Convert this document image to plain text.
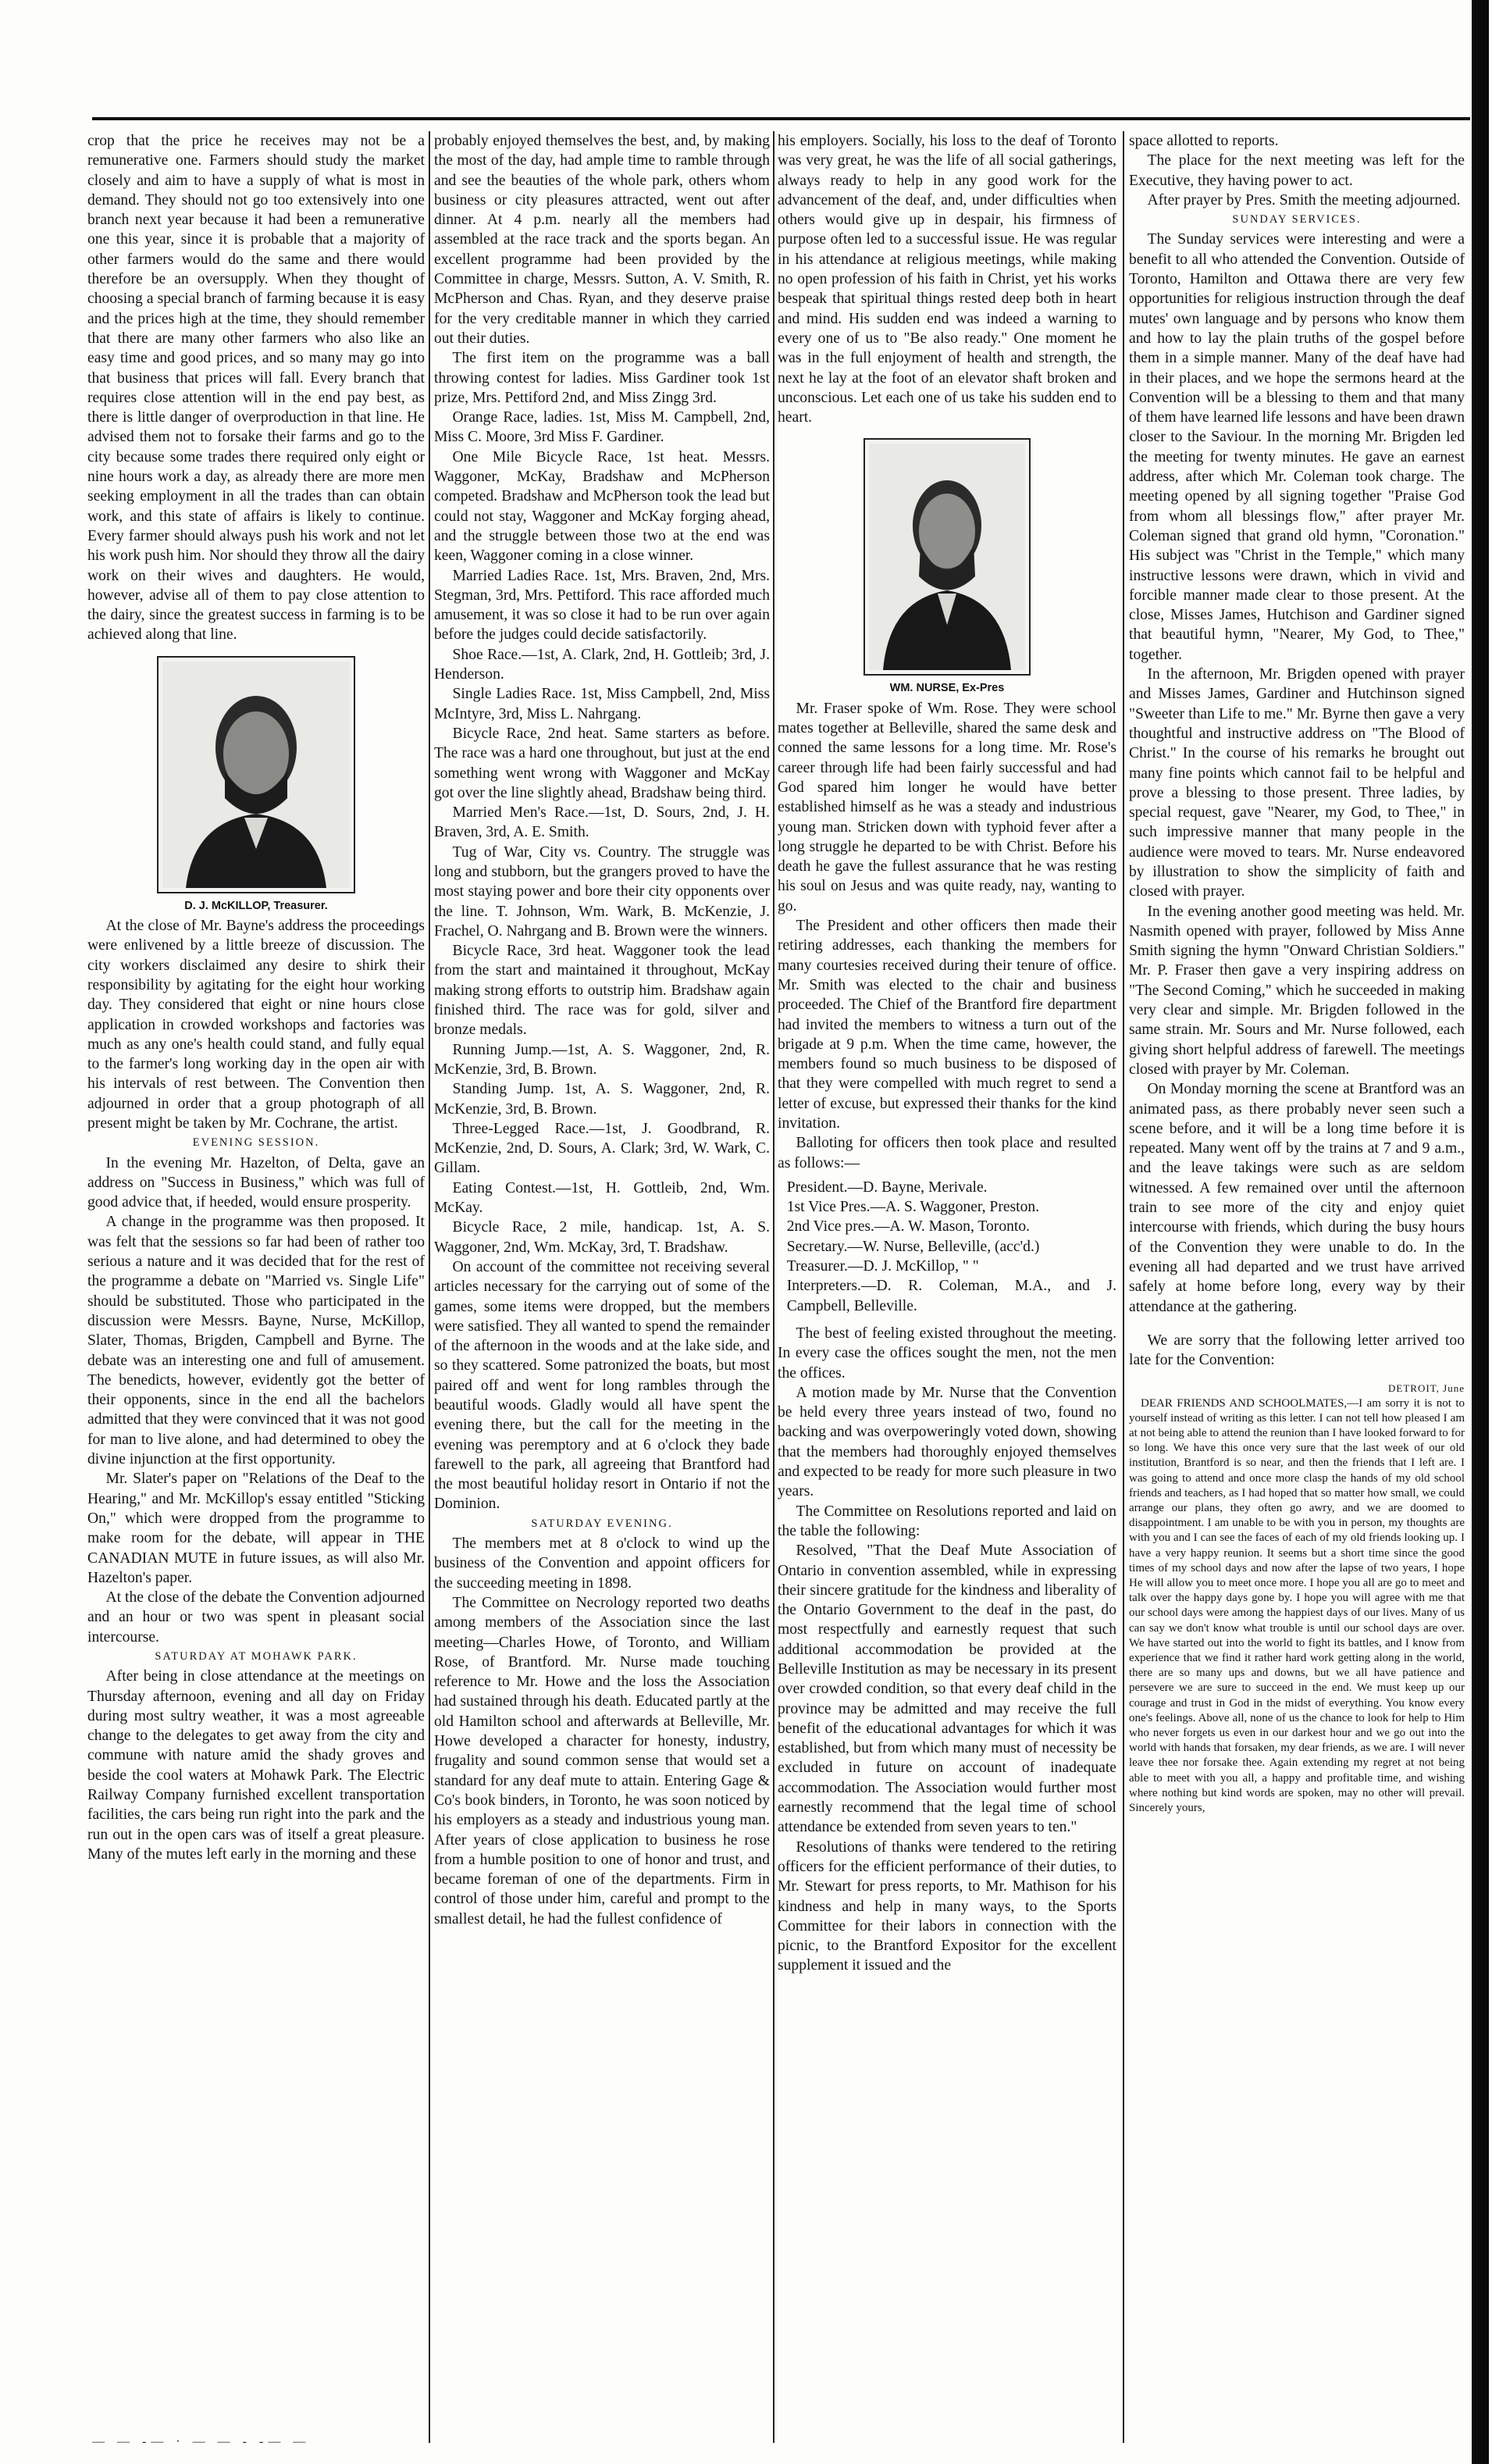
crop that the price he receives may not be a remunerative one. Farmers should study the market closely and aim to have a supply of what is most in demand. They should not go too extensively into one branch next year because it had been a remunerative one this year, since it is probable that a majority of other farmers would do the same and there would therefore be an oversupply. When they thought of choosing a special branch of farming because it is easy and the prices high at the time, they should remember that there are many other farmers who also like an easy time and good prices, and so many may go into that business that prices will fall. Every branch that requires close attention will in the end pay best, as there is little danger of overproduction in that line. He advised them not to forsake their farms and go to the city because some trades there required only eight or nine hours work a day, as already there are more men seeking employment in all the trades than can obtain work, and this state of affairs is likely to continue. Every farmer should always push his work and not let his work push him. Nor should they throw all the dairy work on their wives and daughters. He would, however, advise all of them to pay close attention to the dairy, since the greatest success in farming is to be achieved along that line.

D. J. McKILLOP, Treasurer.

At the close of Mr. Bayne's address the proceedings were enlivened by a little breeze of discussion. The city workers disclaimed any desire to shirk their responsibility by agitating for the eight hour working day. They considered that eight or nine hours close application in crowded workshops and factories was much as any one's health could stand, and fully equal to the farmer's long working day in the open air with his intervals of rest between. The Convention then adjourned in order that a group photograph of all present might be taken by Mr. Cochrane, the artist.

EVENING SESSION.

In the evening Mr. Hazelton, of Delta, gave an address on "Success in Business," which was full of good advice that, if heeded, would ensure prosperity.

A change in the programme was then proposed. It was felt that the sessions so far had been of rather too serious a nature and it was decided that for the rest of the programme a debate on "Married vs. Single Life" should be substituted. Those who participated in the discussion were Messrs. Bayne, Nurse, McKillop, Slater, Thomas, Brigden, Campbell and Byrne. The debate was an interesting one and full of amusement. The benedicts, however, evidently got the better of their opponents, since in the end all the bachelors admitted that they were convinced that it was not good for man to live alone, and had determined to obey the divine injunction at the first opportunity.

Mr. Slater's paper on "Relations of the Deaf to the Hearing," and Mr. McKillop's essay entitled "Sticking On," which were dropped from the programme to make room for the debate, will appear in THE CANADIAN MUTE in future issues, as will also Mr. Hazelton's paper.

At the close of the debate the Convention adjourned and an hour or two was spent in pleasant social intercourse.

SATURDAY AT MOHAWK PARK.

After being in close attendance at the meetings on Thursday afternoon, evening and all day on Friday during most sultry weather, it was a most agreeable change to the delegates to get away from the city and commune with nature amid the shady groves and beside the cool waters at Mohawk Park. The Electric Railway Company furnished excellent transportation facilities, the cars being run right into the park and the run out in the open cars was of itself a great pleasure. Many of the mutes left early in the morning and these

probably enjoyed themselves the best, and, by making the most of the day, had ample time to ramble through and see the beauties of the whole park, others whom business or city pleasures attracted, went out after dinner. At 4 p.m. nearly all the members had assembled at the race track and the sports began. An excellent programme had been provided by the Committee in charge, Messrs. Sutton, A. V. Smith, R. McPherson and Chas. Ryan, and they deserve praise for the very creditable manner in which they carried out their duties.

The first item on the programme was a ball throwing contest for ladies. Miss Gardiner took 1st prize, Mrs. Pettiford 2nd, and Miss Zingg 3rd.

Orange Race, ladies. 1st, Miss M. Campbell, 2nd, Miss C. Moore, 3rd Miss F. Gardiner.

One Mile Bicycle Race, 1st heat. Messrs. Waggoner, McKay, Bradshaw and McPherson competed. Bradshaw and McPherson took the lead but could not stay, Waggoner and McKay forging ahead, and the struggle between those two at the end was keen, Waggoner coming in a close winner.

Married Ladies Race. 1st, Mrs. Braven, 2nd, Mrs. Stegman, 3rd, Mrs. Pettiford. This race afforded much amusement, it was so close it had to be run over again before the judges could decide satisfactorily.

Shoe Race.—1st, A. Clark, 2nd, H. Gottleib; 3rd, J. Henderson.

Single Ladies Race. 1st, Miss Campbell, 2nd, Miss McIntyre, 3rd, Miss L. Nahrgang.

Bicycle Race, 2nd heat. Same starters as before. The race was a hard one throughout, but just at the end something went wrong with Waggoner and McKay got over the line slightly ahead, Bradshaw being third.

Married Men's Race.—1st, D. Sours, 2nd, J. H. Braven, 3rd, A. E. Smith.

Tug of War, City vs. Country. The struggle was long and stubborn, but the grangers proved to have the most staying power and bore their city opponents over the line. T. Johnson, Wm. Wark, B. McKenzie, J. Frachel, O. Nahrgang and B. Brown were the winners.

Bicycle Race, 3rd heat. Waggoner took the lead from the start and maintained it throughout, McKay making strong efforts to outstrip him. Bradshaw again finished third. The race was for gold, silver and bronze medals.

Running Jump.—1st, A. S. Waggoner, 2nd, R. McKenzie, 3rd, B. Brown.

Standing Jump. 1st, A. S. Waggoner, 2nd, R. McKenzie, 3rd, B. Brown.

Three-Legged Race.—1st, J. Goodbrand, R. McKenzie, 2nd, D. Sours, A. Clark; 3rd, W. Wark, C. Gillam.

Eating Contest.—1st, H. Gottleib, 2nd, Wm. McKay.

Bicycle Race, 2 mile, handicap. 1st, A. S. Waggoner, 2nd, Wm. McKay, 3rd, T. Bradshaw.

On account of the committee not receiving several articles necessary for the carrying out of some of the games, some items were dropped, but the members were satisfied. They all wanted to spend the remainder of the afternoon in the woods and at the lake side, and so they scattered. Some patronized the boats, but most paired off and went for long rambles through the beautiful woods. Gladly would all have spent the evening there, but the call for the meeting in the evening was peremptory and at 6 o'clock they bade farewell to the park, all agreeing that Brantford had the most beautiful holiday resort in Ontario if not the Dominion.

SATURDAY EVENING.

The members met at 8 o'clock to wind up the business of the Convention and appoint officers for the succeeding meeting in 1898.

The Committee on Necrology reported two deaths among members of the Association since the last meeting—Charles Howe, of Toronto, and William Rose, of Brantford. Mr. Nurse made touching reference to Mr. Howe and the loss the Association had sustained through his death. Educated partly at the old Hamilton school and afterwards at Belleville, Mr. Howe developed a character for honesty, industry, frugality and sound common sense that would set a standard for any deaf mute to attain. Entering Gage & Co's book binders, in Toronto, he was soon noticed by his employers as a steady and industrious young man. After years of close application to business he rose from a humble position to one of honor and trust, and became foreman of one of the departments. Firm in control of those under him, careful and prompt to the smallest detail, he had the fullest confidence of

his employers. Socially, his loss to the deaf of Toronto was very great, he was the life of all social gatherings, always ready to help in any good work for the advancement of the deaf, and, under difficulties when others would give up in despair, his firmness of purpose often led to a successful issue. He was regular in his attendance at religious meetings, while making no open profession of his faith in Christ, yet his works bespeak that spiritual things rested deep both in heart and mind. His sudden end was indeed a warning to every one of us to "Be also ready." One moment he was in the full enjoyment of health and strength, the next he lay at the foot of an elevator shaft broken and unconscious. Let each one of us take his sudden end to heart.

WM. NURSE, Ex-Pres

Mr. Fraser spoke of Wm. Rose. They were school mates together at Belleville, shared the same desk and conned the same lessons for a long time. Mr. Rose's career through life had been fairly successful and had God spared him longer he would have better established himself as he was a steady and industrious young man. Stricken down with typhoid fever after a long struggle he departed to be with Christ. Before his death he gave the fullest assurance that he was resting his soul on Jesus and was quite ready, nay, wanting to go.

The President and other officers then made their retiring addresses, each thanking the members for many courtesies received during their tenure of office. Mr. Smith was elected to the chair and business proceeded. The Chief of the Brantford fire department had invited the members to witness a turn out of the brigade at 9 p.m. When the time came, however, the members found so much business to be disposed of that they were compelled with much regret to send a letter of excuse, but expressed their thanks for the kind invitation.

Balloting for officers then took place and resulted as follows:—

President.—D. Bayne, Merivale.
1st Vice Pres.—A. S. Waggoner, Preston.
2nd Vice pres.—A. W. Mason, Toronto.
Secretary.—W. Nurse, Belleville, (acc'd.)
Treasurer.—D. J. McKillop, " "
Interpreters.—D. R. Coleman, M.A., and J. Campbell, Belleville.

The best of feeling existed throughout the meeting. In every case the offices sought the men, not the men the offices.

A motion made by Mr. Nurse that the Convention be held every three years instead of two, found no backing and was overpoweringly voted down, showing that the members had thoroughly enjoyed themselves and expected to be ready for more such pleasure in two years.

The Committee on Resolutions reported and laid on the table the following:

Resolved, "That the Deaf Mute Association of Ontario in convention assembled, while in expressing their sincere gratitude for the kindness and liberality of the Ontario Government to the deaf in the past, do most respectfully and earnestly request that such additional accommodation be provided at the Belleville Institution as may be necessary in its present over crowded condition, so that every deaf child in the province may be admitted and may receive the full benefit of the educational advantages for which it was established, but from which many must of necessity be excluded in future on account of inadequate accommodation. The Association would further most earnestly recommend that the legal time of school attendance be extended from seven years to ten."

Resolutions of thanks were tendered to the retiring officers for the efficient performance of their duties, to Mr. Stewart for press reports, to Mr. Mathison for his kindness and help in many ways, to the Sports Committee for their labors in connection with the picnic, to the Brantford Expositor for the excellent supplement it issued and the

space allotted to reports.

The place for the next meeting was left for the Executive, they having power to act.

After prayer by Pres. Smith the meeting adjourned.

SUNDAY SERVICES.

The Sunday services were interesting and were a benefit to all who attended the Convention. Outside of Toronto, Hamilton and Ottawa there are very few opportunities for religious instruction through the deaf mutes' own language and by persons who know them and how to lay the plain truths of the gospel before them in a simple manner. Many of the deaf have had in their places, and we hope the sermons heard at the Convention will be a blessing to them and that many of them have learned life lessons and have been drawn closer to the Saviour. In the morning Mr. Brigden led the meeting for twenty minutes. He gave an earnest address, after which Mr. Coleman took charge. The meeting opened by all signing together "Praise God from whom all blessings flow," after prayer Mr. Coleman signed that grand old hymn, "Coronation." His subject was "Christ in the Temple," which many instructive lessons were drawn, which in vivid and forcible manner made clear to those present. At the close, Misses James, Hutchison and Gardiner signed that beautiful hymn, "Nearer, My God, to Thee," together.

In the afternoon, Mr. Brigden opened with prayer and Misses James, Gardiner and Hutchinson signed "Sweeter than Life to me." Mr. Byrne then gave a very thoughtful and instructive address on "The Blood of Christ." In the course of his remarks he brought out many fine points which cannot fail to be helpful and prove a blessing to those present. Three ladies, by special request, gave "Nearer, my God, to Thee," in such impressive manner that many people in the audience were moved to tears. Mr. Nurse endeavored by illustration to show the simplicity of faith and closed with prayer.

In the evening another good meeting was held. Mr. Nasmith opened with prayer, followed by Miss Anne Smith signing the hymn "Onward Christian Soldiers." Mr. P. Fraser then gave a very inspiring address on "The Second Coming," which he succeeded in making very clear and simple. Mr. Brigden followed in the same strain. Mr. Sours and Mr. Nurse followed, each giving short helpful address of farewell. The meetings closed with prayer by Mr. Coleman.

On Monday morning the scene at Brantford was an animated pass, as there probably never seen such a scene before, and it will be a long time before it is repeated. Many went off by the trains at 7 and 9 a.m., and the leave takings were such as are seldom witnessed. A few remained over until the afternoon train to see more of the city and enjoy quiet intercourse with friends, which during the busy hours of the Convention they were unable to do. In the evening all had departed and we trust have arrived safely at home before long, every way by their attendance at the gathering.

We are sorry that the following letter arrived too late for the Convention:

DETROIT, June

DEAR FRIENDS AND SCHOOLMATES,—I am sorry it is not to yourself instead of writing as this letter. I can not tell how pleased I am at not being able to attend the reunion than I have looked forward to for so long. We have this once very sure that the last week of our old institution, Brantford is so near, and then the friends that I left are. I was going to attend and once more clasp the hands of my old school friends and teachers, as I had hoped that so matter how small, we could arrange our plans, they often go awry, and we are doomed to disappointment. I am unable to be with you in person, my thoughts are with you and I can see the faces of each of my old friends looking up. I have a very happy reunion. It seems but a short time since the good times of my school days and now after the lapse of two years, I hope He will allow you to meet once more. I hope you all are go to meet and talk over the happy days gone by. I hope you will agree with me that our school days were among the happiest days of our lives. Many of us can say we don't know what trouble is until our school days are over. We have started out into the world to fight its battles, and I know from experience that we find it rather hard work getting along in the world, there are so many ups and downs, but we all have patience and persevere we are sure to succeed in the end. We must keep up our courage and trust in God in the midst of everything. You know every one's feelings. Above all, none of us the chance to look for help to Him who never forgets us even in our darkest hour and we go out into the world with hands that forsaken, my dear friends, as we are. I will never leave thee nor forsake thee. Again extending my regret at not being able to meet with you all, a happy and profitable time, and wishing where nothing but kind words are spoken, may no other will prevail. Sincerely yours,

— — -— · — — - -— —
